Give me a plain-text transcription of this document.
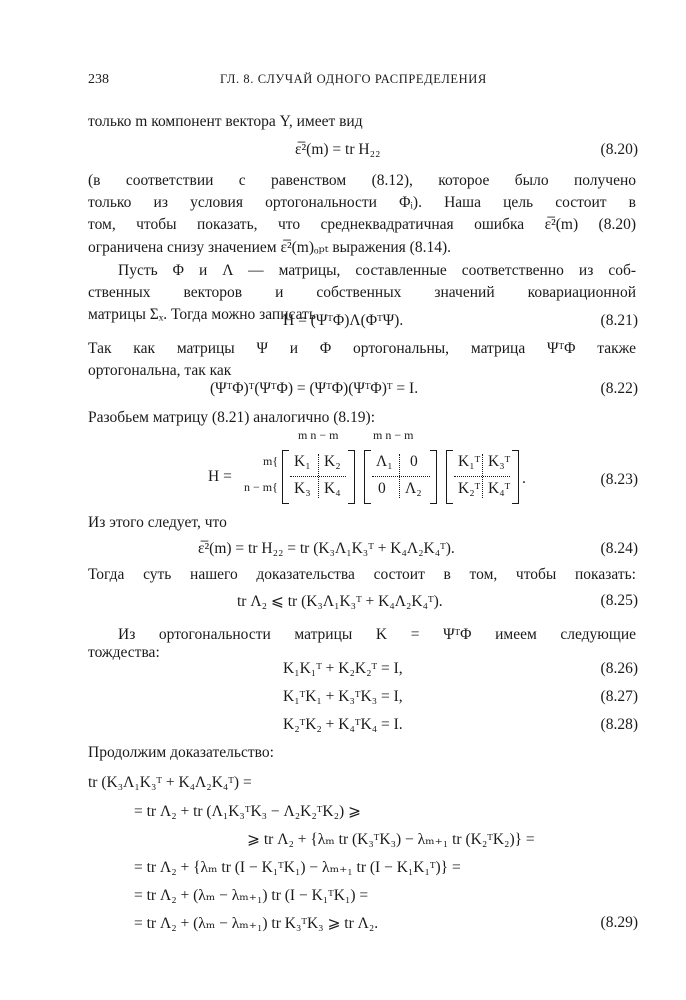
238	ГЛ. 8. СЛУЧАЙ ОДНОГО РАСПРЕДЕЛЕНИЯ
только m компонент вектора Y, имеет вид
ε̅²(m) = tr H₂₂	(8.20)
(в соответствии с равенством (8.12), которое было получено
только из условия ортогональности Φᵢ). Наша цель состоит в
том, чтобы показать, что среднеквадратичная ошибка ε̅²(m) (8.20)
ограничена снизу значением ε̅²(m)ₒₚₜ выражения (8.14).
Пусть Φ и Λ — матрицы, составленные соответственно из соб-
ственных векторов и собственных значений ковариационной
матрицы Σₓ. Тогда можно записать
H = (ΨᵀΦ)Λ(ΦᵀΨ).	(8.21)
Так как матрицы Ψ и Φ ортогональны, матрица ΨᵀΦ также
ортогональна, так как
(ΨᵀΦ)ᵀ(ΨᵀΦ) = (ΨᵀΦ)(ΨᵀΦ)ᵀ = I.	(8.22)
Разобьем матрицу (8.21) аналогично (8.19):
H =
m n − m	m n − m
m{
n − m{
K₁ K₂
K₃ K₄
Λ₁ 0
0 Λ₂
K₁ᵀ K₃ᵀ
K₂ᵀ K₄ᵀ
.	(8.23)
Из этого следует, что
ε̅²(m) = tr H₂₂ = tr (K₃Λ₁K₃ᵀ + K₄Λ₂K₄ᵀ).	(8.24)
Тогда суть нашего доказательства состоит в том, чтобы показать:
tr Λ₂ ⩽ tr (K₃Λ₁K₃ᵀ + K₄Λ₂K₄ᵀ).	(8.25)
Из ортогональности матрицы K = ΨᵀΦ имеем следующие
тождества:
K₁K₁ᵀ + K₂K₂ᵀ = I,	(8.26)
K₁ᵀK₁ + K₃ᵀK₃ = I,	(8.27)
K₂ᵀK₂ + K₄ᵀK₄ = I.	(8.28)
Продолжим доказательство:
tr (K₃Λ₁K₃ᵀ + K₄Λ₂K₄ᵀ) =
= tr Λ₂ + tr (Λ₁K₃ᵀK₃ − Λ₂K₂ᵀK₂) ⩾
⩾ tr Λ₂ + {λₘ tr (K₃ᵀK₃) − λₘ₊₁ tr (K₂ᵀK₂)} =
= tr Λ₂ + {λₘ tr (I − K₁ᵀK₁) − λₘ₊₁ tr (I − K₁K₁ᵀ)} =
= tr Λ₂ + (λₘ − λₘ₊₁) tr (I − K₁ᵀK₁) =
= tr Λ₂ + (λₘ − λₘ₊₁) tr K₃ᵀK₃ ⩾ tr Λ₂.	(8.29)
